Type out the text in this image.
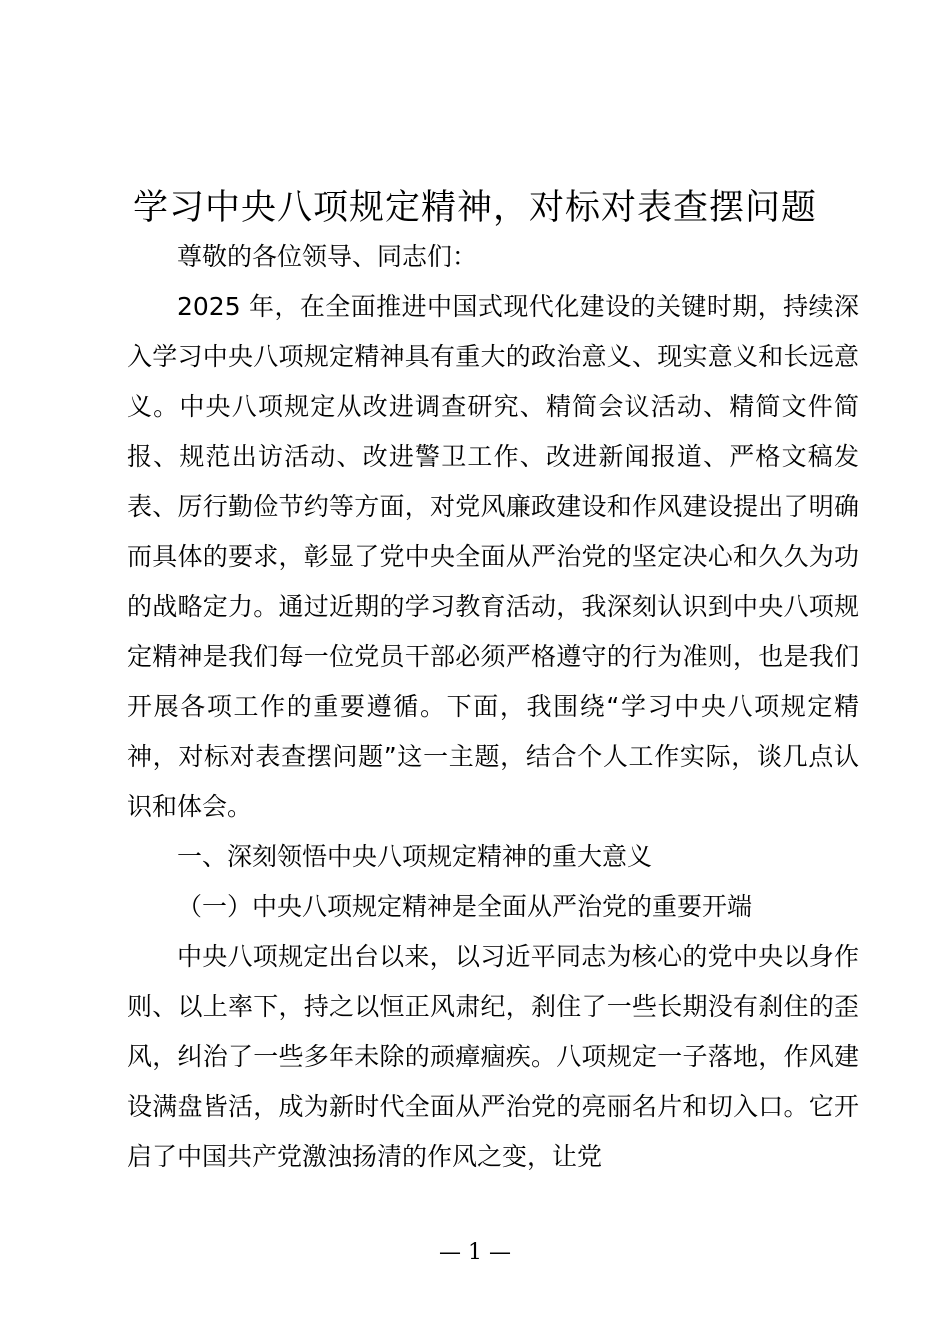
学习中央八项规定精神，对标对表查摆问题

尊敬的各位领导、同志们：

2025 年，在全面推进中国式现代化建设的关键时期，持续深入学习中央八项规定精神具有重大的政治意义、现实意义和长远意义。中央八项规定从改进调查研究、精简会议活动、精简文件简报、规范出访活动、改进警卫工作、改进新闻报道、严格文稿发表、厉行勤俭节约等方面，对党风廉政建设和作风建设提出了明确而具体的要求，彰显了党中央全面从严治党的坚定决心和久久为功的战略定力。通过近期的学习教育活动，我深刻认识到中央八项规定精神是我们每一位党员干部必须严格遵守的行为准则，也是我们开展各项工作的重要遵循。下面，我围绕“学习中央八项规定精神，对标对表查摆问题”这一主题，结合个人工作实际，谈几点认识和体会。

一、深刻领悟中央八项规定精神的重大意义

（一）中央八项规定精神是全面从严治党的重要开端

中央八项规定出台以来，以习近平同志为核心的党中央以身作则、以上率下，持之以恒正风肃纪，刹住了一些长期没有刹住的歪风，纠治了一些多年未除的顽瘴痼疾。八项规定一子落地，作风建设满盘皆活，成为新时代全面从严治党的亮丽名片和切入口。它开启了中国共产党激浊扬清的作风之变，让党

— 1 —
